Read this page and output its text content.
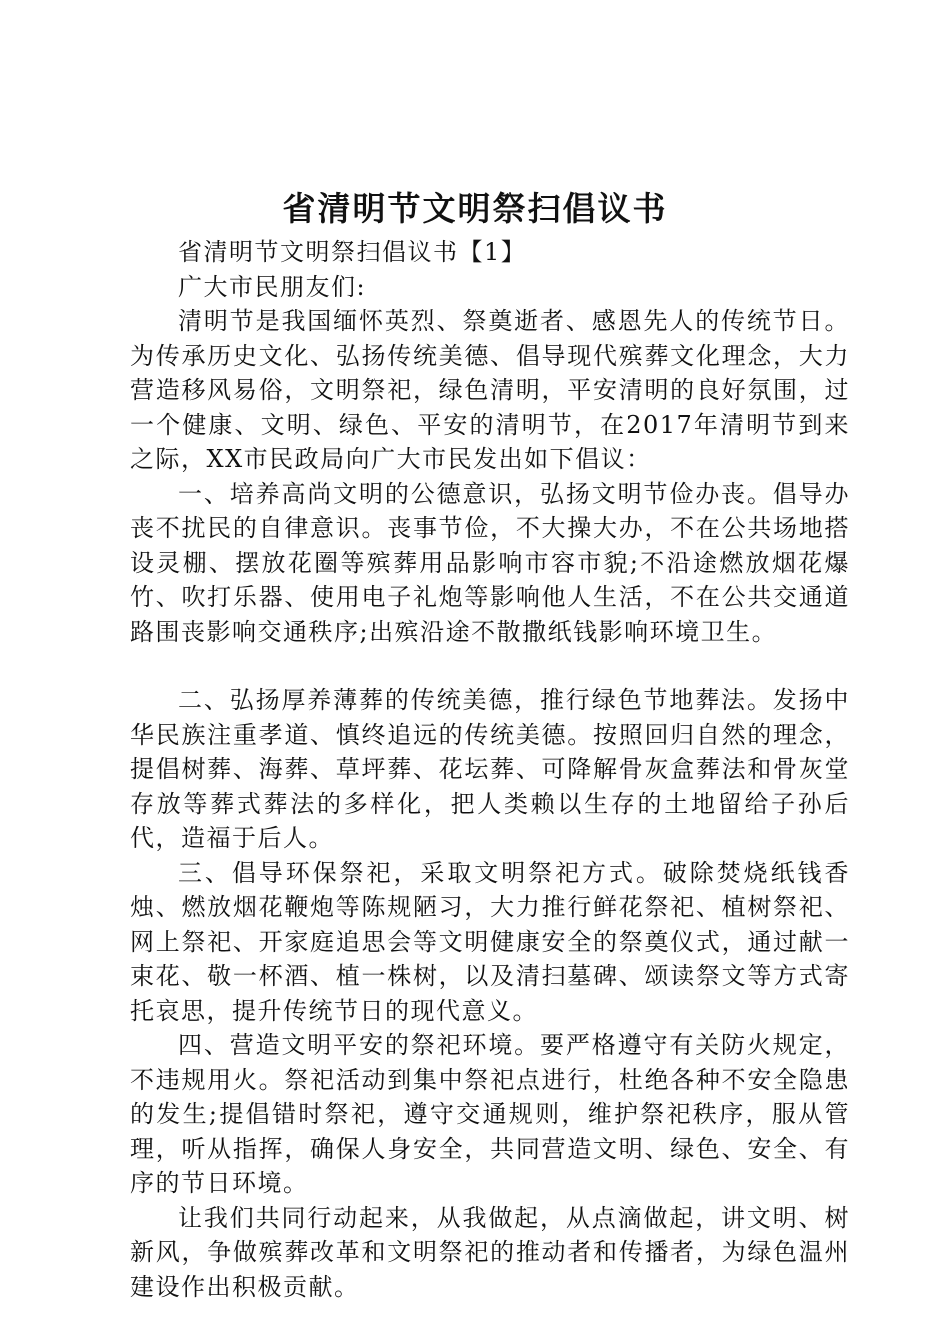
省清明节文明祭扫倡议书

省清明节文明祭扫倡议书【1】

广大市民朋友们:

清明节是我国缅怀英烈、祭奠逝者、感恩先人的传统节日。为传承历史文化、弘扬传统美德、倡导现代殡葬文化理念，大力营造移风易俗，文明祭祀，绿色清明，平安清明的良好氛围，过一个健康、文明、绿色、平安的清明节，在2017年清明节到来之际，XX市民政局向广大市民发出如下倡议：

一、培养高尚文明的公德意识，弘扬文明节俭办丧。倡导办丧不扰民的自律意识。丧事节俭，不大操大办，不在公共场地搭设灵棚、摆放花圈等殡葬用品影响市容市貌;不沿途燃放烟花爆竹、吹打乐器、使用电子礼炮等影响他人生活，不在公共交通道路围丧影响交通秩序;出殡沿途不散撒纸钱影响环境卫生。

二、弘扬厚养薄葬的传统美德，推行绿色节地葬法。发扬中华民族注重孝道、慎终追远的传统美德。按照回归自然的理念，提倡树葬、海葬、草坪葬、花坛葬、可降解骨灰盒葬法和骨灰堂存放等葬式葬法的多样化，把人类赖以生存的土地留给子孙后代，造福于后人。

三、倡导环保祭祀，采取文明祭祀方式。破除焚烧纸钱香烛、燃放烟花鞭炮等陈规陋习，大力推行鲜花祭祀、植树祭祀、网上祭祀、开家庭追思会等文明健康安全的祭奠仪式，通过献一束花、敬一杯酒、植一株树，以及清扫墓碑、颂读祭文等方式寄托哀思，提升传统节日的现代意义。

四、营造文明平安的祭祀环境。要严格遵守有关防火规定，不违规用火。祭祀活动到集中祭祀点进行，杜绝各种不安全隐患的发生;提倡错时祭祀，遵守交通规则，维护祭祀秩序，服从管理，听从指挥，确保人身安全，共同营造文明、绿色、安全、有序的节日环境。

让我们共同行动起来，从我做起，从点滴做起，讲文明、树新风，争做殡葬改革和文明祭祀的推动者和传播者，为绿色温州建设作出积极贡献。
